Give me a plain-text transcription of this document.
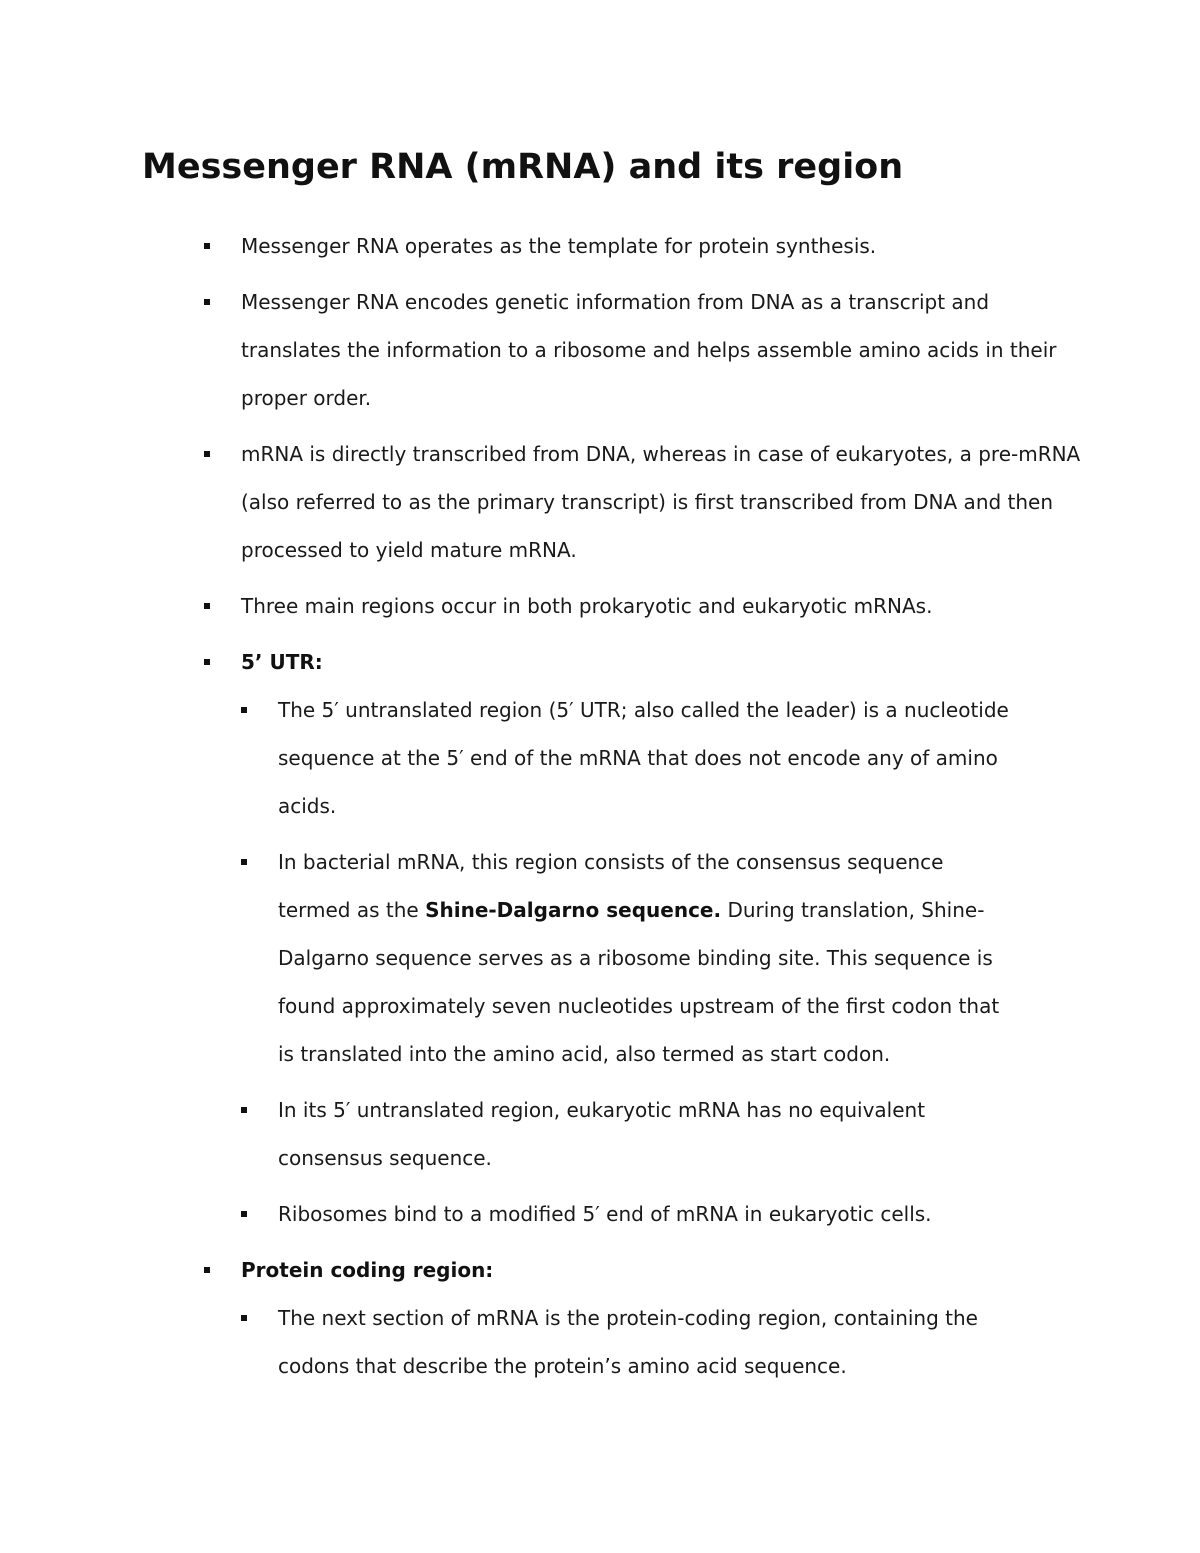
Messenger RNA (mRNA) and its region
Messenger RNA operates as the template for protein synthesis.
Messenger RNA encodes genetic information from DNA as a transcript and translates the information to a ribosome and helps assemble amino acids in their proper order.
mRNA is directly transcribed from DNA, whereas in case of eukaryotes, a pre-mRNA (also referred to as the primary transcript) is first transcribed from DNA and then processed to yield mature mRNA.
Three main regions occur in both prokaryotic and eukaryotic mRNAs.
5’ UTR:
The 5′ untranslated region (5′ UTR; also called the leader) is a nucleotide sequence at the 5′ end of the mRNA that does not encode any of amino acids.
In bacterial mRNA, this region consists of the consensus sequence termed as the Shine-Dalgarno sequence. During translation, Shine-Dalgarno sequence serves as a ribosome binding site. This sequence is found approximately seven nucleotides upstream of the first codon that is translated into the amino acid, also termed as start codon.
In its 5′ untranslated region, eukaryotic mRNA has no equivalent consensus sequence.
Ribosomes bind to a modified 5′ end of mRNA in eukaryotic cells.
Protein coding region:
The next section of mRNA is the protein-coding region, containing the codons that describe the protein’s amino acid sequence.
